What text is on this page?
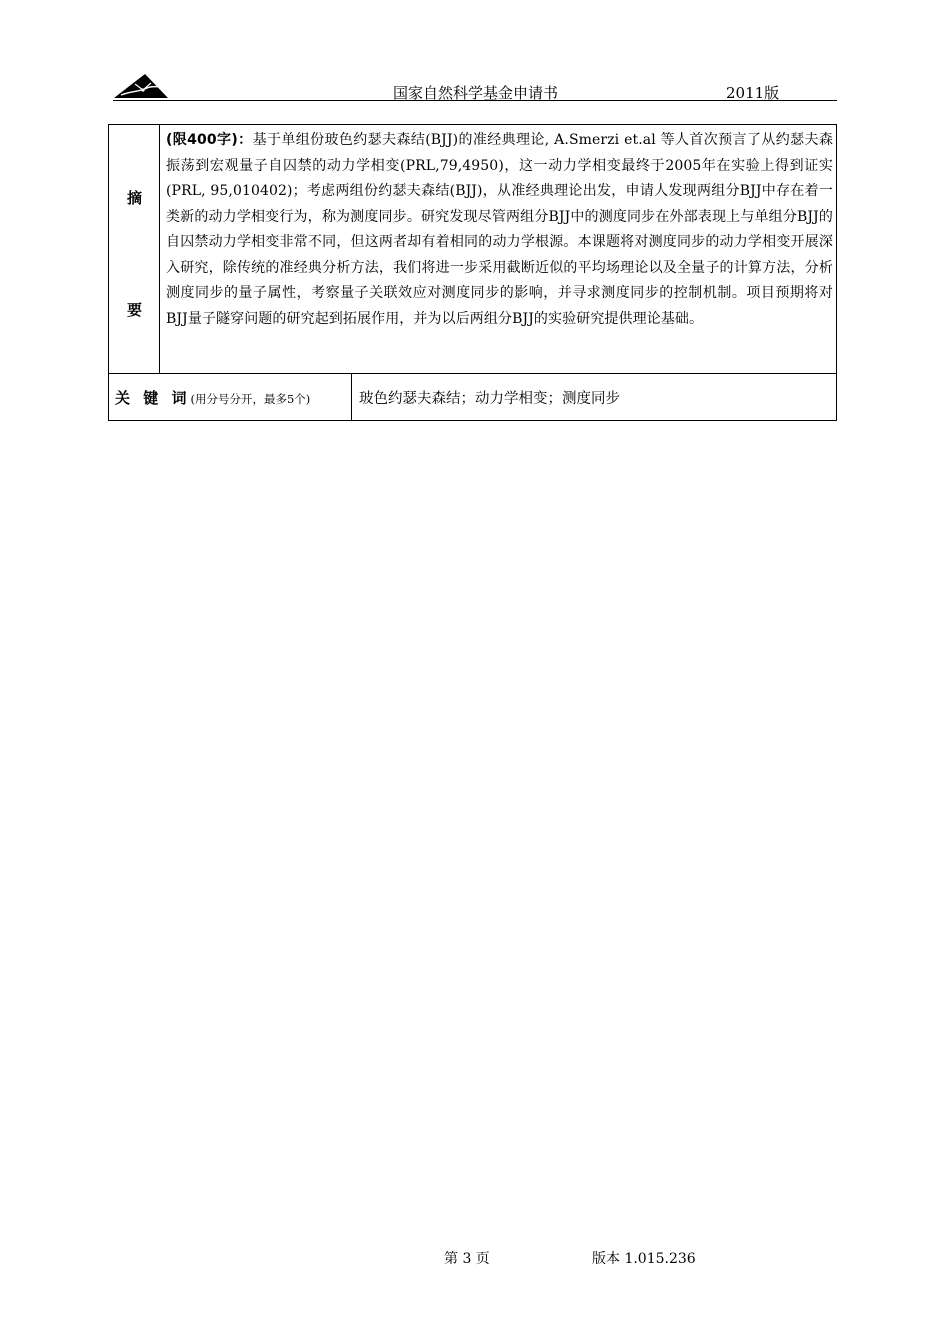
国家自然科学基金申请书	2011版
摘
要	(限400字)：基于单组份玻色约瑟夫森结(BJJ)的准经典理论, A.Smerzi et.al 等人首次预言了从约瑟夫森振荡到宏观量子自囚禁的动力学相变(PRL,79,4950)，这一动力学相变最终于2005年在实验上得到证实(PRL, 95,010402)；考虑两组份约瑟夫森结(BJJ)，从准经典理论出发，申请人发现两组分BJJ中存在着一类新的动力学相变行为，称为测度同步。研究发现尽管两组分BJJ中的测度同步在外部表现上与单组分BJJ的自囚禁动力学相变非常不同，但这两者却有着相同的动力学根源。本课题将对测度同步的动力学相变开展深入研究，除传统的准经典分析方法，我们将进一步采用截断近似的平均场理论以及全量子的计算方法，分析测度同步的量子属性，考察量子关联效应对测度同步的影响，并寻求测度同步的控制机制。项目预期将对BJJ量子隧穿问题的研究起到拓展作用，并为以后两组分BJJ的实验研究提供理论基础。	

关 键 词(用分号分开，最多5个)		玻色约瑟夫森结；动力学相变；测度同步
第 3 页	版本 1.015.236
